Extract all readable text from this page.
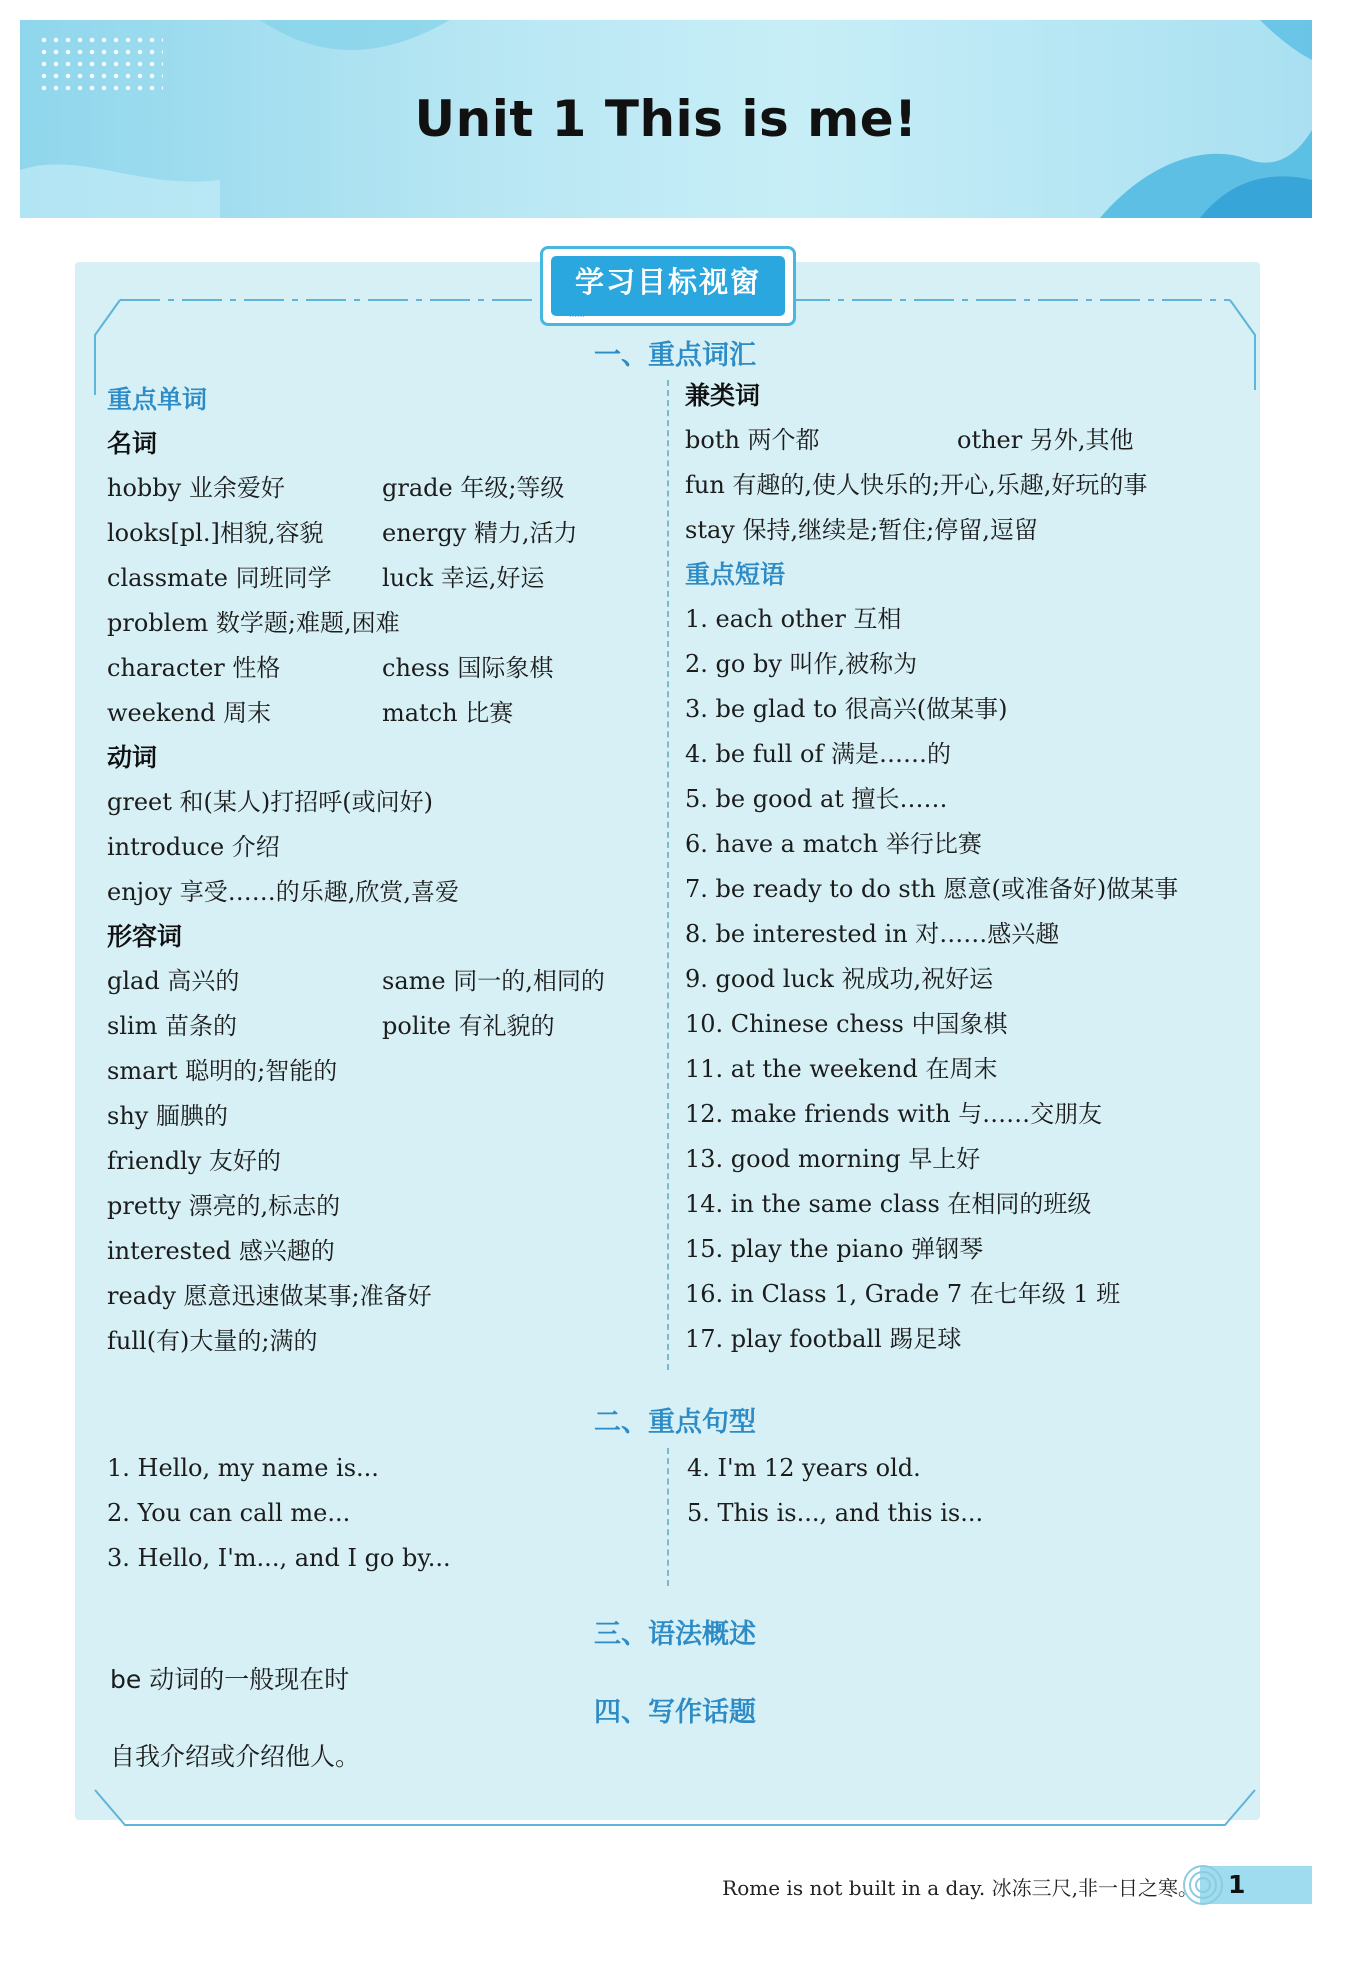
Unit 1 This is me!
学习目标视窗
«««
一、重点词汇
重点单词
名词
hobby 业余爱好	grade 年级;等级
looks[pl.]相貌,容貌 energy 精力,活力
classmate 同班同学 luck 幸运,好运
problem 数学题;难题,困难
character 性格	chess 国际象棋
weekend 周末	match 比赛
动词
greet 和(某人)打招呼(或问好)
introduce 介绍
enjoy 享受……的乐趣,欣赏,喜爱
形容词
glad 高兴的	same 同一的,相同的
slim 苗条的	polite 有礼貌的
smart 聪明的;智能的
shy 腼腆的
friendly 友好的
pretty 漂亮的,标志的
interested 感兴趣的
ready 愿意迅速做某事;准备好
full(有)大量的;满的
兼类词
both 两个都	other 另外,其他
fun 有趣的,使人快乐的;开心,乐趣,好玩的事
stay 保持,继续是;暂住;停留,逗留
重点短语
1. each other 互相
2. go by 叫作,被称为
3. be glad to 很高兴(做某事)
4. be full of 满是……的
5. be good at 擅长……
6. have a match 举行比赛
7. be ready to do sth 愿意(或准备好)做某事
8. be interested in 对……感兴趣
9. good luck 祝成功,祝好运
10. Chinese chess 中国象棋
11. at the weekend 在周末
12. make friends with 与……交朋友
13. good morning 早上好
14. in the same class 在相同的班级
15. play the piano 弹钢琴
16. in Class 1, Grade 7 在七年级 1 班
17. play football 踢足球
二、重点句型
1. Hello, my name is...
2. You can call me...
3. Hello, I'm..., and I go by...
4. I'm 12 years old.
5. This is..., and this is...
三、语法概述
be 动词的一般现在时
四、写作话题
自我介绍或介绍他人。
Rome is not built in a day. 冰冻三尺,非一日之寒。 1
